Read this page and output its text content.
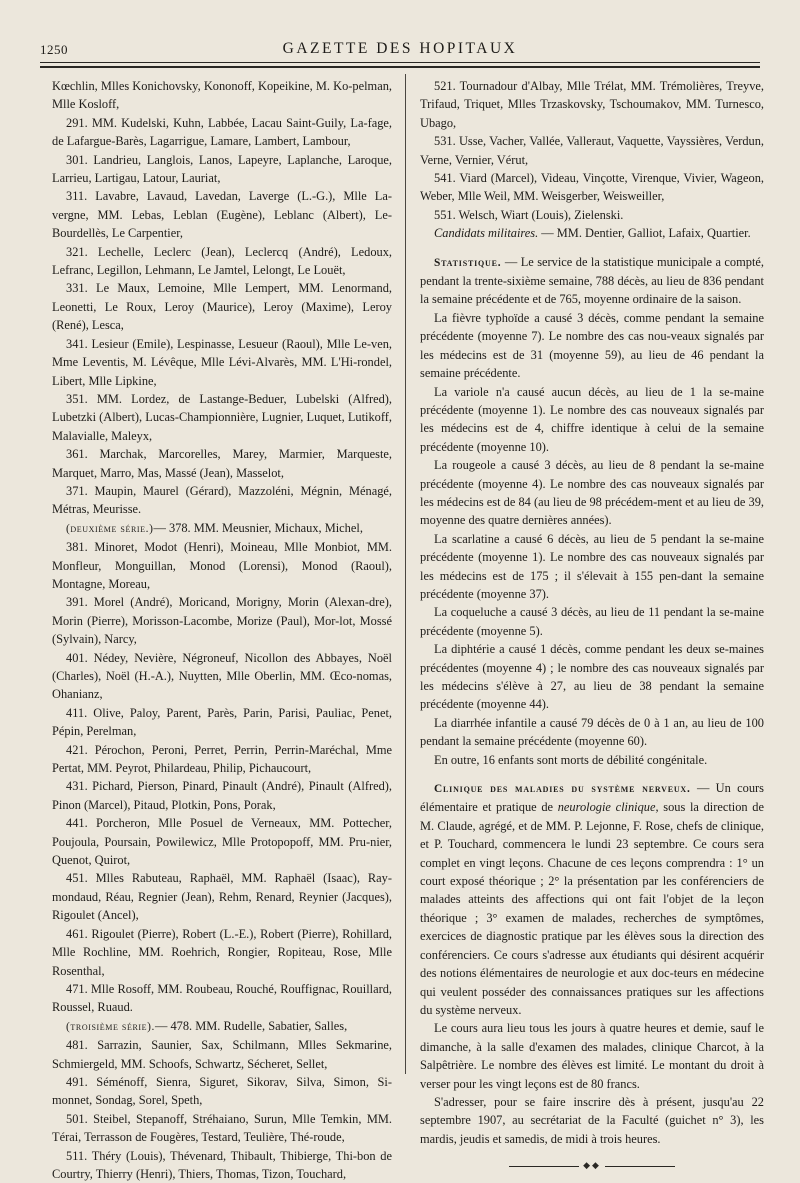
1250	GAZETTE DES HOPITAUX

Kœchlin, Mlles Konichovsky, Kononoff, Kopeikine, M. Ko-pelman, Mlle Kosloff,

291. MM. Kudelski, Kuhn, Labbée, Lacau Saint-Guily, La-fage, de Lafargue-Barès, Lagarrigue, Lamare, Lambert, Lambour,

301. Landrieu, Langlois, Lanos, Lapeyre, Laplanche, Laroque, Larrieu, Lartigau, Latour, Lauriat,

311. Lavabre, Lavaud, Lavedan, Laverge (L.-G.), Mlle La-vergne, MM. Lebas, Leblan (Eugène), Leblanc (Albert), Le-Bourdellès, Le Carpentier,

321. Lechelle, Leclerc (Jean), Leclercq (André), Ledoux, Lefranc, Legillon, Lehmann, Le Jamtel, Lelongt, Le Louët,

331. Le Maux, Lemoine, Mlle Lempert, MM. Lenormand, Leonetti, Le Roux, Leroy (Maurice), Leroy (Maxime), Leroy (René), Lesca,

341. Lesieur (Emile), Lespinasse, Lesueur (Raoul), Mlle Le-ven, Mme Leventis, M. Lévêque, Mlle Lévi-Alvarès, MM. L'Hi-rondel, Libert, Mlle Lipkine,

351. MM. Lordez, de Lastange-Beduer, Lubelski (Alfred), Lubetzki (Albert), Lucas-Championnière, Lugnier, Luquet, Lutikoff, Malavialle, Maleyx,

361. Marchak, Marcorelles, Marey, Marmier, Marqueste, Marquet, Marro, Mas, Massé (Jean), Masselot,

371. Maupin, Maurel (Gérard), Mazzoléni, Mégnin, Ménagé, Métras, Meurisse.

(deuxième série.)— 378. MM. Meusnier, Michaux, Michel,

381. Minoret, Modot (Henri), Moineau, Mlle Monbiot, MM. Monfleur, Monguillan, Monod (Lorensi), Monod (Raoul), Montagne, Moreau,

391. Morel (André), Moricand, Morigny, Morin (Alexan-dre), Morin (Pierre), Morisson-Lacombe, Morize (Paul), Mor-lot, Mossé (Sylvain), Narcy,

401. Nédey, Nevière, Négroneuf, Nicollon des Abbayes, Noël (Charles), Noël (H.-A.), Nuytten, Mlle Oberlin, MM. Œco-nomas, Ohanianz,

411. Olive, Paloy, Parent, Parès, Parin, Parisi, Pauliac, Penet, Pépin, Perelman,

421. Pérochon, Peroni, Perret, Perrin, Perrin-Maréchal, Mme Pertat, MM. Peyrot, Philardeau, Philip, Pichaucourt,

431. Pichard, Pierson, Pinard, Pinault (André), Pinault (Alfred), Pinon (Marcel), Pitaud, Plotkin, Pons, Porak,

441. Porcheron, Mlle Posuel de Verneaux, MM. Pottecher, Poujoula, Poursain, Powilewicz, Mlle Protopopoff, MM. Pru-nier, Quenot, Quirot,

451. Mlles Rabuteau, Raphaël, MM. Raphaël (Isaac), Ray-mondaud, Réau, Regnier (Jean), Rehm, Renard, Reynier (Jacques), Rigoulet (Ancel),

461. Rigoulet (Pierre), Robert (L.-E.), Robert (Pierre), Rohillard, Mlle Rochline, MM. Roehrich, Rongier, Ropiteau, Rose, Mlle Rosenthal,

471. Mlle Rosoff, MM. Roubeau, Rouché, Rouffignac, Rouillard, Roussel, Ruaud.

(troisième série).— 478. MM. Rudelle, Sabatier, Salles,

481. Sarrazin, Saunier, Sax, Schilmann, Mlles Sekmarine, Schmiergeld, MM. Schoofs, Schwartz, Sécheret, Sellet,

491. Séménoff, Sienra, Siguret, Sikorav, Silva, Simon, Si-monnet, Sondag, Sorel, Speth,

501. Steibel, Stepanoff, Stréhaiano, Surun, Mlle Temkin, MM. Térai, Terrasson de Fougères, Testard, Teulière, Thé-roude,

511. Théry (Louis), Thévenard, Thibault, Thibierge, Thi-bon de Courtry, Thierry (Henri), Thiers, Thomas, Tizon, Touchard,

521. Tournadour d'Albay, Mlle Trélat, MM. Trémolières, Treyve, Trifaud, Triquet, Mlles Trzaskovsky, Tschoumakov, MM. Turnesco, Ubago,

531. Usse, Vacher, Vallée, Valleraut, Vaquette, Vayssières, Verdun, Verne, Vernier, Vérut,

541. Viard (Marcel), Videau, Vinçotte, Virenque, Vivier, Wageon, Weber, Mlle Weil, MM. Weisgerber, Weisweiller,

551. Welsch, Wiart (Louis), Zielenski.

Candidats militaires. — MM. Dentier, Galliot, Lafaix, Quartier.

Statistique. — Le service de la statistique municipale a compté, pendant la trente-sixième semaine, 788 décès, au lieu de 836 pendant la semaine précédente et de 765, moyenne ordinaire de la saison.

La fièvre typhoïde a causé 3 décès, comme pendant la semaine précédente (moyenne 7). Le nombre des cas nou-veaux signalés par les médecins est de 31 (moyenne 59), au lieu de 46 pendant la semaine précédente.

La variole n'a causé aucun décès, au lieu de 1 la se-maine précédente (moyenne 1). Le nombre des cas nouveaux signalés par les médecins est de 4, chiffre identique à celui de la semaine précédente (moyenne 10).

La rougeole a causé 3 décès, au lieu de 8 pendant la se-maine précédente (moyenne 4). Le nombre des cas nouveaux signalés par les médecins est de 84 (au lieu de 98 précédem-ment et au lieu de 39, moyenne des quatre dernières années).

La scarlatine a causé 6 décès, au lieu de 5 pendant la se-maine précédente (moyenne 1). Le nombre des cas nouveaux signalés par les médecins est de 175 ; il s'élevait à 155 pen-dant la semaine précédente (moyenne 37).

La coqueluche a causé 3 décès, au lieu de 11 pendant la se-maine précédente (moyenne 5).

La diphtérie a causé 1 décès, comme pendant les deux se-maines précédentes (moyenne 4) ; le nombre des cas nouveaux signalés par les médecins s'élève à 27, au lieu de 38 pendant la semaine précédente (moyenne 44).

La diarrhée infantile a causé 79 décès de 0 à 1 an, au lieu de 100 pendant la semaine précédente (moyenne 60).

En outre, 16 enfants sont morts de débilité congénitale.

Clinique des maladies du système nerveux. — Un cours élémentaire et pratique de neurologie clinique, sous la direction de M. Claude, agrégé, et de MM. P. Lejonne, F. Rose, chefs de clinique, et P. Touchard, commencera le lundi 23 septembre. Ce cours sera complet en vingt leçons. Chacune de ces leçons comprendra : 1° un court exposé théorique ; 2° la présentation par les conférenciers de malades atteints des affections qui ont fait l'objet de la leçon théorique ; 3° examen de malades, recherches de symptômes, exercices de diagnostic pratique par les élèves sous la direction des conférenciers. Ce cours s'adresse aux étudiants qui désirent acquérir des notions élémentaires de neurologie et aux doc-teurs en médecine qui veulent posséder des connaissances pratiques sur les affections du système nerveux.

Le cours aura lieu tous les jours à quatre heures et demie, sauf le dimanche, à la salle d'examen des malades, clinique Charcot, à la Salpêtrière. Le nombre des élèves est limité. Le montant du droit à verser pour les vingt leçons est de 80 francs.

S'adresser, pour se faire inscrire dès à présent, jusqu'au 22 septembre 1907, au secrétariat de la Faculté (guichet n° 3), les mardis, jeudis et samedis, de midi à trois heures.

◆◆
